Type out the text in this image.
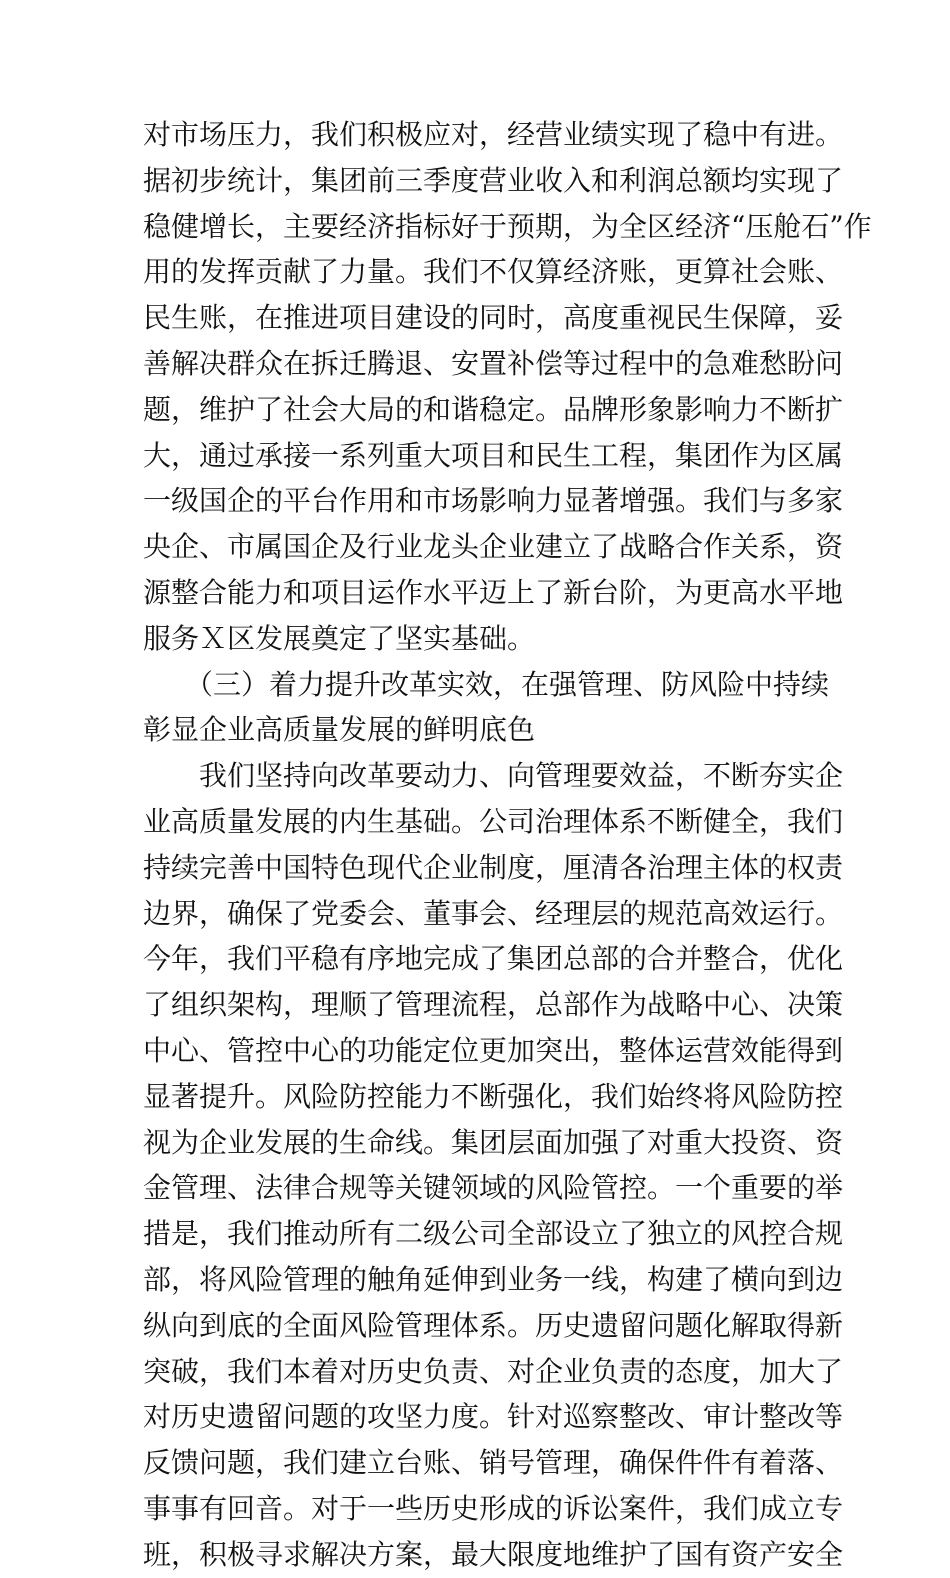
对市场压力，我们积极应对，经营业绩实现了稳中有进。
据初步统计，集团前三季度营业收入和利润总额均实现了
稳健增长，主要经济指标好于预期，为全区经济“压舱石”作
用的发挥贡献了力量。我们不仅算经济账，更算社会账、
民生账，在推进项目建设的同时，高度重视民生保障，妥
善解决群众在拆迁腾退、安置补偿等过程中的急难愁盼问
题，维护了社会大局的和谐稳定。品牌形象影响力不断扩
大，通过承接一系列重大项目和民生工程，集团作为区属
一级国企的平台作用和市场影响力显著增强。我们与多家
央企、市属国企及行业龙头企业建立了战略合作关系，资
源整合能力和项目运作水平迈上了新台阶，为更高水平地
服务Ｘ区发展奠定了坚实基础。
　　（三）着力提升改革实效，在强管理、防风险中持续
彰显企业高质量发展的鲜明底色
　　我们坚持向改革要动力、向管理要效益，不断夯实企
业高质量发展的内生基础。公司治理体系不断健全，我们
持续完善中国特色现代企业制度，厘清各治理主体的权责
边界，确保了党委会、董事会、经理层的规范高效运行。
今年，我们平稳有序地完成了集团总部的合并整合，优化
了组织架构，理顺了管理流程，总部作为战略中心、决策
中心、管控中心的功能定位更加突出，整体运营效能得到
显著提升。风险防控能力不断强化，我们始终将风险防控
视为企业发展的生命线。集团层面加强了对重大投资、资
金管理、法律合规等关键领域的风险管控。一个重要的举
措是，我们推动所有二级公司全部设立了独立的风控合规
部，将风险管理的触角延伸到业务一线，构建了横向到边
纵向到底的全面风险管理体系。历史遗留问题化解取得新
突破，我们本着对历史负责、对企业负责的态度，加大了
对历史遗留问题的攻坚力度。针对巡察整改、审计整改等
反馈问题，我们建立台账、销号管理，确保件件有着落、
事事有回音。对于一些历史形成的诉讼案件，我们成立专
班，积极寻求解决方案，最大限度地维护了国有资产安全
